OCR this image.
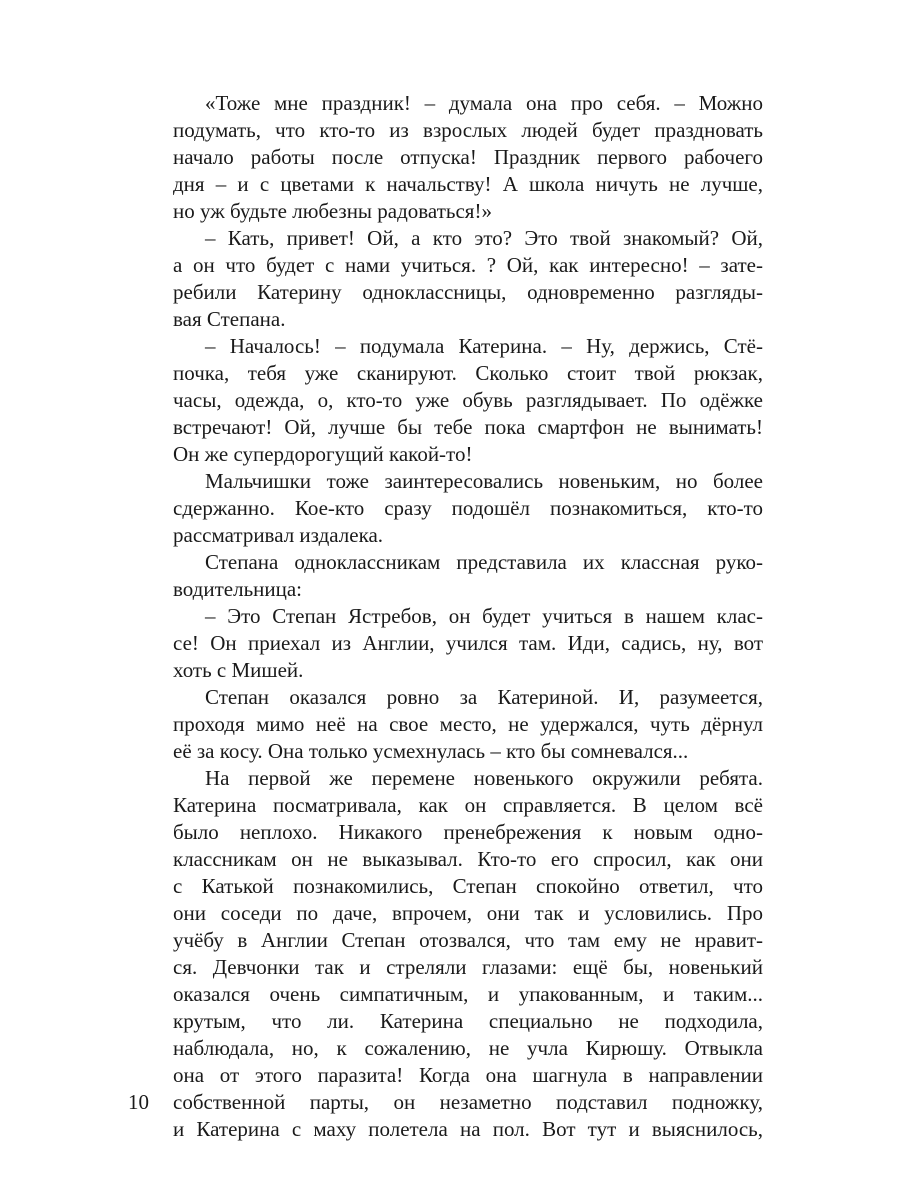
«Тоже мне праздник! – думала она про себя. – Можно
подумать, что кто-то из взрослых людей будет праздновать
начало работы после отпуска! Праздник первого рабочего
дня – и с цветами к начальству! А школа ничуть не лучше,
но уж будьте любезны радоваться!»
– Кать, привет! Ой, а кто это? Это твой знакомый? Ой,
а он что будет с нами учиться. ? Ой, как интересно! – зате-
ребили Катерину одноклассницы, одновременно разгляды-
вая Степана.
– Началось! – подумала Катерина. – Ну, держись, Стё-
почка, тебя уже сканируют. Сколько стоит твой рюкзак,
часы, одежда, о, кто-то уже обувь разглядывает. По одёжке
встречают! Ой, лучше бы тебе пока смартфон не вынимать!
Он же супердорогущий какой-то!
Мальчишки тоже заинтересовались новеньким, но более
сдержанно. Кое-кто сразу подошёл познакомиться, кто-то
рассматривал издалека.
Степана одноклассникам представила их классная руко-
водительница:
– Это Степан Ястребов, он будет учиться в нашем клас-
се! Он приехал из Англии, учился там. Иди, садись, ну, вот
хоть с Мишей.
Степан оказался ровно за Катериной. И, разумеется,
проходя мимо неё на свое место, не удержался, чуть дёрнул
её за косу. Она только усмехнулась – кто бы сомневался...
На первой же перемене новенького окружили ребята.
Катерина посматривала, как он справляется. В целом всё
было неплохо. Никакого пренебрежения к новым одно-
классникам он не выказывал. Кто-то его спросил, как они
с Катькой познакомились, Степан спокойно ответил, что
они соседи по даче, впрочем, они так и условились. Про
учёбу в Англии Степан отозвался, что там ему не нравит-
ся. Девчонки так и стреляли глазами: ещё бы, новенький
оказался очень симпатичным, и упакованным, и таким...
крутым, что ли. Катерина специально не подходила,
наблюдала, но, к сожалению, не учла Кирюшу. Отвыкла
она от этого паразита! Когда она шагнула в направлении
собственной парты, он незаметно подставил подножку,
и Катерина с маху полетела на пол. Вот тут и выяснилось,
10
